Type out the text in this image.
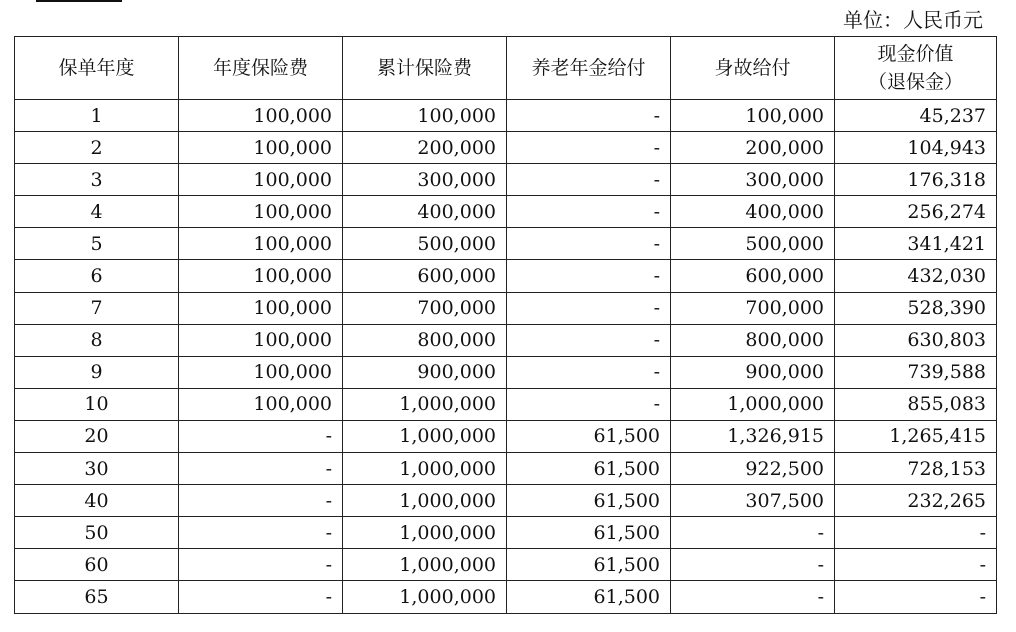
单位：人民币元
保单年度	年度保险费	累计保险费	养老年金给付	身故给付	现金价值
（退保金）

1	100,000	100,000	-	100,000	45,237
2	100,000	200,000	-	200,000	104,943
3	100,000	300,000	-	300,000	176,318
4	100,000	400,000	-	400,000	256,274
5	100,000	500,000	-	500,000	341,421
6	100,000	600,000	-	600,000	432,030
7	100,000	700,000	-	700,000	528,390
8	100,000	800,000	-	800,000	630,803
9	100,000	900,000	-	900,000	739,588
10	100,000	1,000,000	-	1,000,000	855,083
20	-	1,000,000	61,500	1,326,915	1,265,415
30	-	1,000,000	61,500	922,500	728,153
40	-	1,000,000	61,500	307,500	232,265
50	-	1,000,000	61,500	-	-
60	-	1,000,000	61,500	-	-
65	-	1,000,000	61,500	-	-
